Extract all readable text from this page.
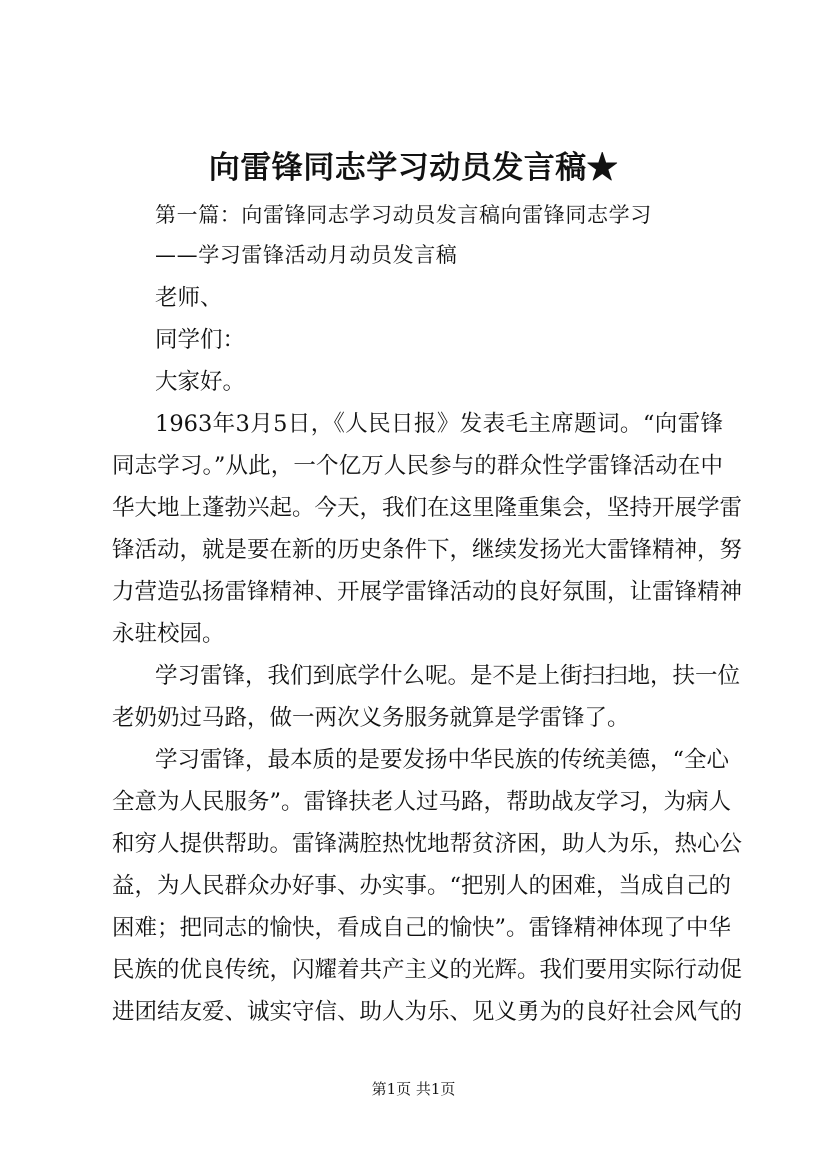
向雷锋同志学习动员发言稿★
第一篇：向雷锋同志学习动员发言稿向雷锋同志学习
——学习雷锋活动月动员发言稿
老师、
同学们：
大家好。
1963年3月5日，《人民日报》发表毛主席题词。“向雷锋
同志学习。”从此，一个亿万人民参与的群众性学雷锋活动在中
华大地上蓬勃兴起。今天，我们在这里隆重集会，坚持开展学雷
锋活动，就是要在新的历史条件下，继续发扬光大雷锋精神，努
力营造弘扬雷锋精神、开展学雷锋活动的良好氛围，让雷锋精神
永驻校园。
学习雷锋，我们到底学什么呢。是不是上街扫扫地，扶一位
老奶奶过马路，做一两次义务服务就算是学雷锋了。
学习雷锋，最本质的是要发扬中华民族的传统美德，“全心
全意为人民服务”。雷锋扶老人过马路，帮助战友学习，为病人
和穷人提供帮助。雷锋满腔热忱地帮贫济困，助人为乐，热心公
益，为人民群众办好事、办实事。“把别人的困难，当成自己的
困难；把同志的愉快，看成自己的愉快”。雷锋精神体现了中华
民族的优良传统，闪耀着共产主义的光辉。我们要用实际行动促
进团结友爱、诚实守信、助人为乐、见义勇为的良好社会风气的
第1页 共1页
